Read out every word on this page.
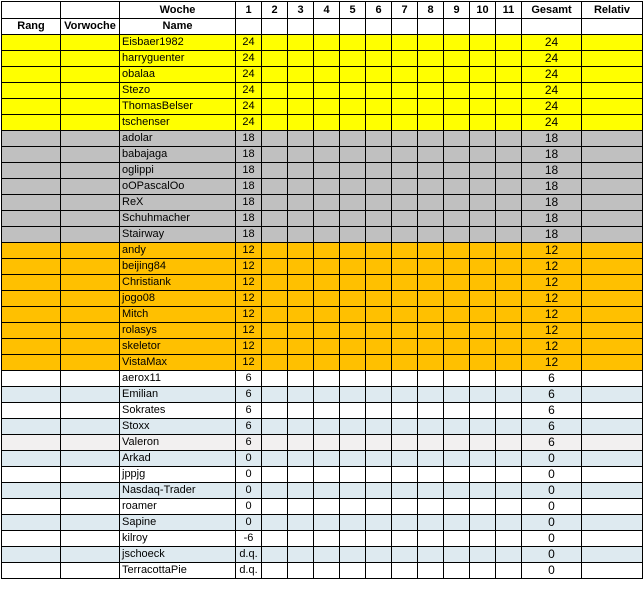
		Woche	1	2	3	4	5	6	7	8	9	10	11	Gesamt	Relativ
Rang	Vorwoche	Name													
		Eisbaer1982	24											24	
		harryguenter	24											24	
		obalaa	24											24	
		Stezo	24											24	
		ThomasBelser	24											24	
		tschenser	24											24	
		adolar	18											18	
		babajaga	18											18	
		oglippi	18											18	
		oOPascalOo	18											18	
		ReX	18											18	
		Schuhmacher	18											18	
		Stairway	18											18	
		andy	12											12	
		beijing84	12											12	
		Christiank	12											12	
		jogo08	12											12	
		Mitch	12											12	
		rolasys	12											12	
		skeletor	12											12	
		VistaMax	12											12	
		aerox11	6											6	
		Emilian	6											6	
		Sokrates	6											6	
		Stoxx	6											6	
		Valeron	6											6	
		Arkad	0											0	
		jppjg	0											0	
		Nasdaq-Trader	0											0	
		roamer	0											0	
		Sapine	0											0	
		kilroy	-6											0	
		jschoeck	d.q.											0	
		TerracottaPie	d.q.											0	
